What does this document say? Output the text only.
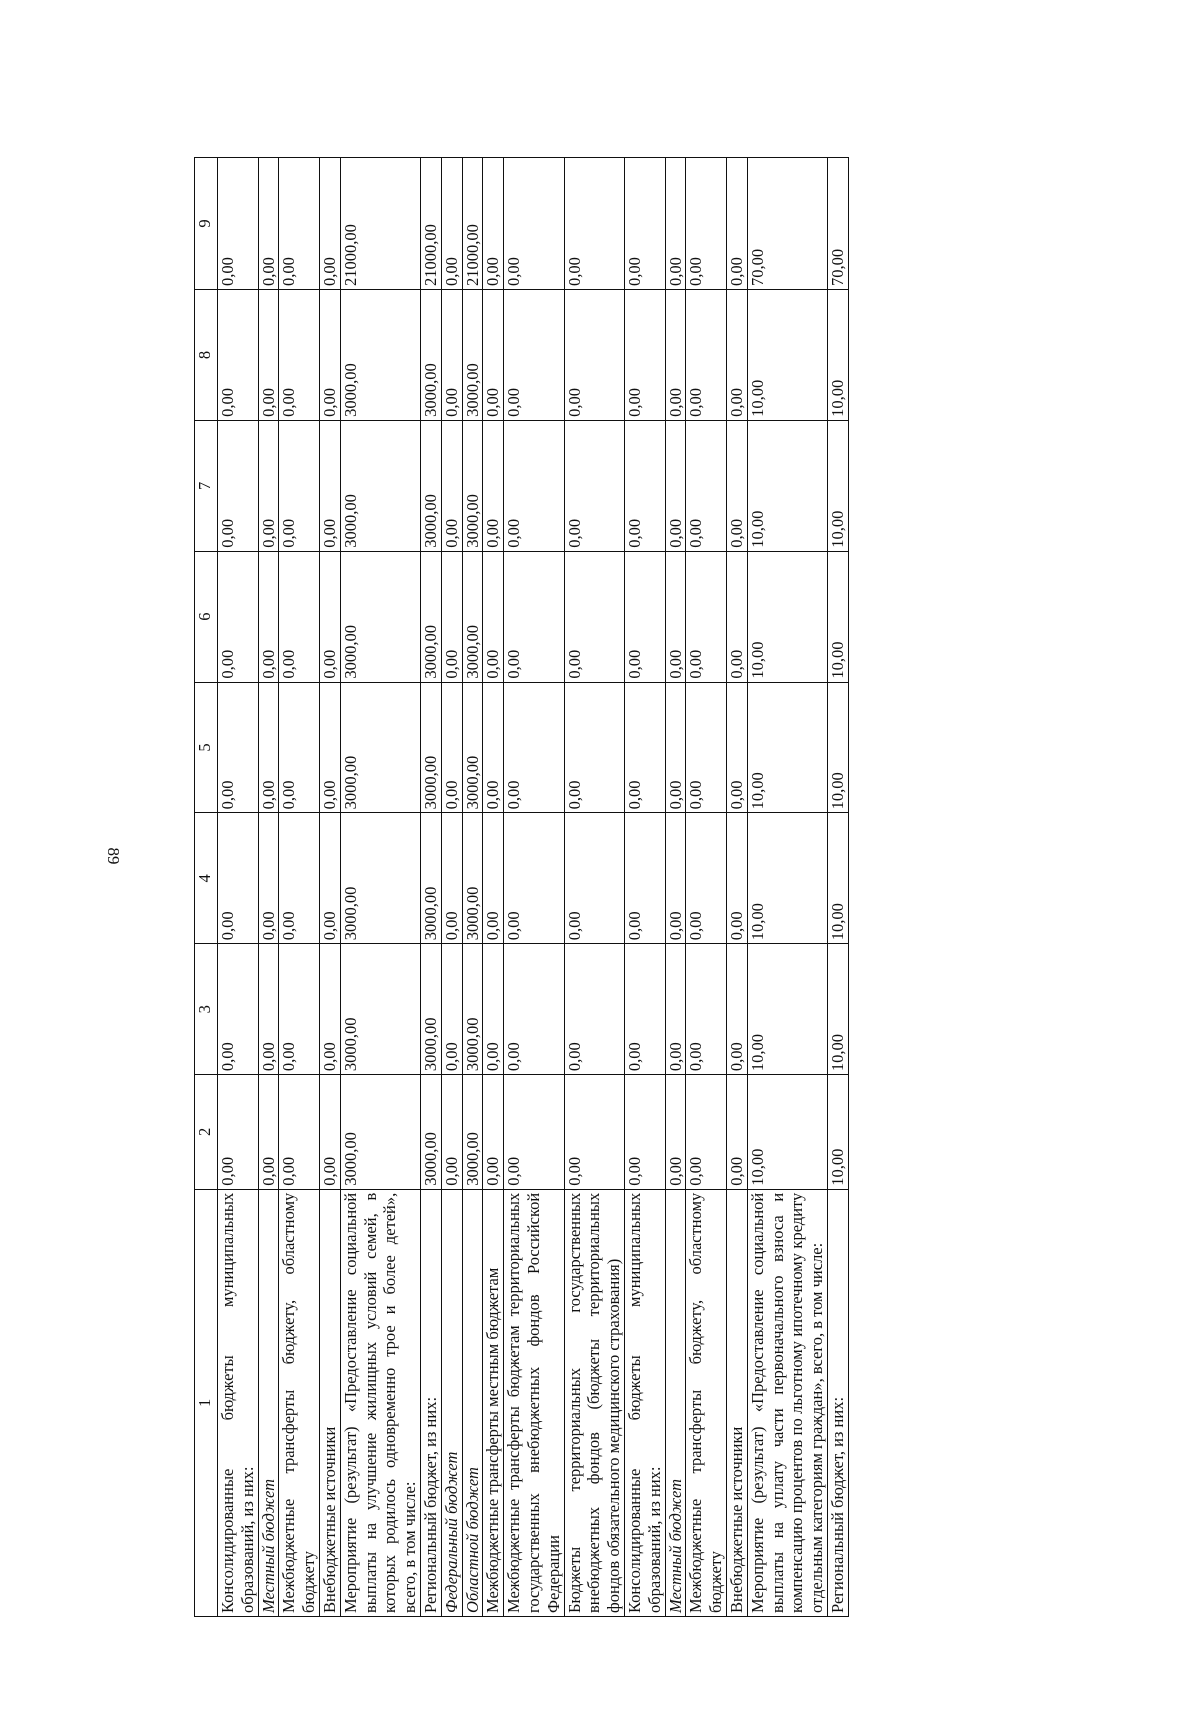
89
1	2	3	4	5	6	7	8	9
Консолидированные бюджеты муниципальных образований, из них:	0,00	0,00	0,00	0,00	0,00	0,00	0,00	0,00
Местный бюджет	0,00	0,00	0,00	0,00	0,00	0,00	0,00	0,00
Межбюджетные трансферты бюджету, областному бюджету	0,00	0,00	0,00	0,00	0,00	0,00	0,00	0,00
Внебюджетные источники	0,00	0,00	0,00	0,00	0,00	0,00	0,00	0,00
Мероприятие (результат) «Предоставление социальной выплаты на улучшение жилищных условий семей, в которых родилось одновременно трое и более детей», всего, в том числе:	3000,00	3000,00	3000,00	3000,00	3000,00	3000,00	3000,00	21000,00
Региональный бюджет, из них:	3000,00	3000,00	3000,00	3000,00	3000,00	3000,00	3000,00	21000,00
Федеральный бюджет	0,00	0,00	0,00	0,00	0,00	0,00	0,00	0,00
Областной бюджет	3000,00	3000,00	3000,00	3000,00	3000,00	3000,00	3000,00	21000,00
Межбюджетные трансферты местным бюджетам	0,00	0,00	0,00	0,00	0,00	0,00	0,00	0,00
Межбюджетные трансферты бюджетам территориальных государственных внебюджетных фондов Российской Федерации	0,00	0,00	0,00	0,00	0,00	0,00	0,00	0,00
Бюджеты территориальных государственных внебюджетных фондов (бюджеты территориальных фондов обязательного медицинского страхования)	0,00	0,00	0,00	0,00	0,00	0,00	0,00	0,00
Консолидированные бюджеты муниципальных образований, из них:	0,00	0,00	0,00	0,00	0,00	0,00	0,00	0,00
Местный бюджет	0,00	0,00	0,00	0,00	0,00	0,00	0,00	0,00
Межбюджетные трансферты бюджету, областному бюджету	0,00	0,00	0,00	0,00	0,00	0,00	0,00	0,00
Внебюджетные источники	0,00	0,00	0,00	0,00	0,00	0,00	0,00	0,00
Мероприятие (результат) «Предоставление социальной выплаты на уплату части первоначального взноса и компенсацию процентов по льготному ипотечному кредиту отдельным категориям граждан», всего, в том числе:	10,00	10,00	10,00	10,00	10,00	10,00	10,00	70,00
Региональный бюджет, из них:	10,00	10,00	10,00	10,00	10,00	10,00	10,00	70,00
